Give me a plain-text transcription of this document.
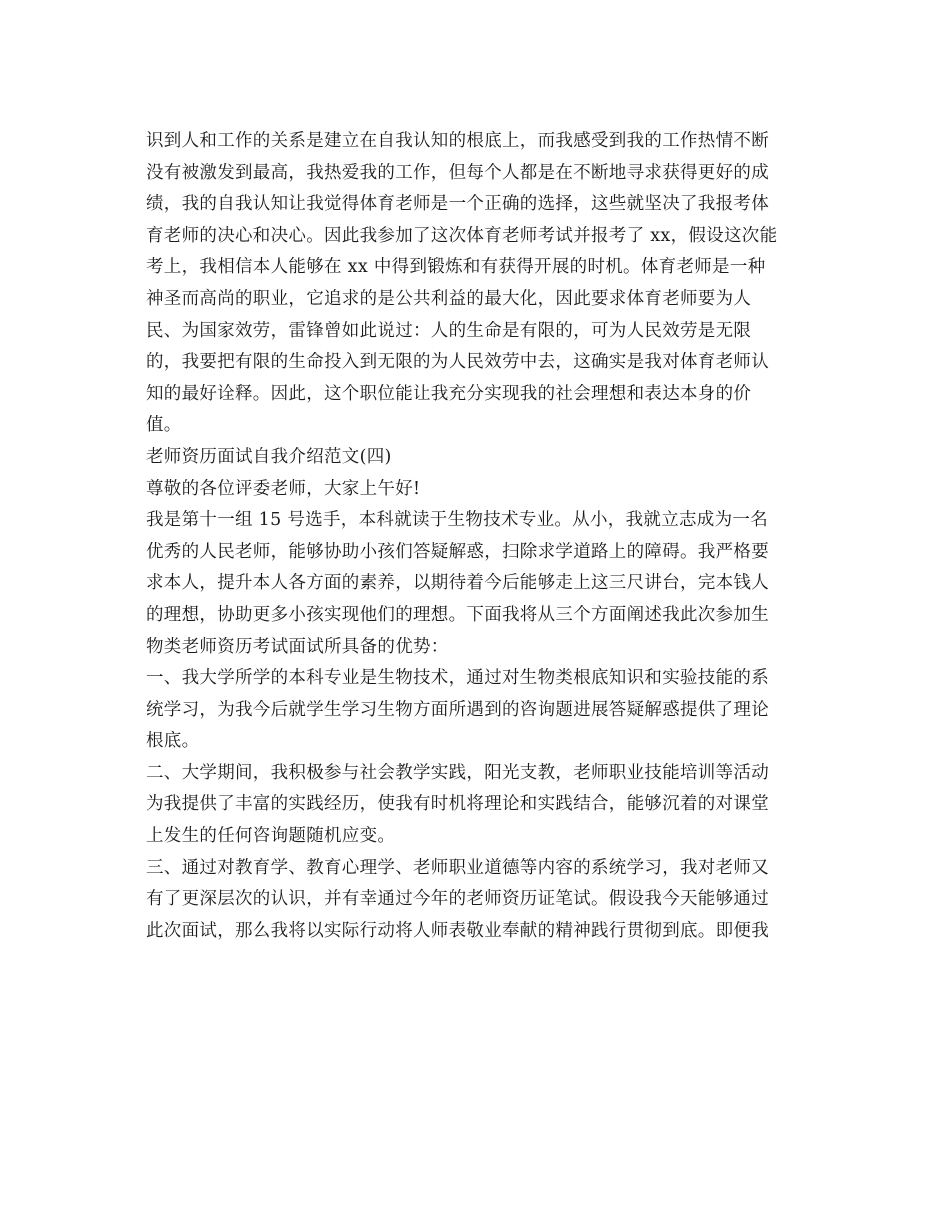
识到人和工作的关系是建立在自我认知的根底上，而我感受到我的工作热情不断
没有被激发到最高，我热爱我的工作，但每个人都是在不断地寻求获得更好的成
绩，我的自我认知让我觉得体育老师是一个正确的选择，这些就坚决了我报考体
育老师的决心和决心。因此我参加了这次体育老师考试并报考了 xx，假设这次能
考上，我相信本人能够在 xx 中得到锻炼和有获得开展的时机。体育老师是一种
神圣而高尚的职业，它追求的是公共利益的最大化，因此要求体育老师要为人
民、为国家效劳，雷锋曾如此说过：人的生命是有限的，可为人民效劳是无限
的，我要把有限的生命投入到无限的为人民效劳中去，这确实是我对体育老师认
知的最好诠释。因此，这个职位能让我充分实现我的社会理想和表达本身的价
值。
老师资历面试自我介绍范文(四)
尊敬的各位评委老师，大家上午好!
我是第十一组 15 号选手，本科就读于生物技术专业。从小，我就立志成为一名
优秀的人民老师，能够协助小孩们答疑解惑，扫除求学道路上的障碍。我严格要
求本人，提升本人各方面的素养，以期待着今后能够走上这三尺讲台，完本钱人
的理想，协助更多小孩实现他们的理想。下面我将从三个方面阐述我此次参加生
物类老师资历考试面试所具备的优势：
一、我大学所学的本科专业是生物技术，通过对生物类根底知识和实验技能的系
统学习，为我今后就学生学习生物方面所遇到的咨询题进展答疑解惑提供了理论
根底。
二、大学期间，我积极参与社会教学实践，阳光支教，老师职业技能培训等活动
为我提供了丰富的实践经历，使我有时机将理论和实践结合，能够沉着的对课堂
上发生的任何咨询题随机应变。
三、通过对教育学、教育心理学、老师职业道德等内容的系统学习，我对老师又
有了更深层次的认识，并有幸通过今年的老师资历证笔试。假设我今天能够通过
此次面试，那么我将以实际行动将人师表敬业奉献的精神践行贯彻到底。即便我
